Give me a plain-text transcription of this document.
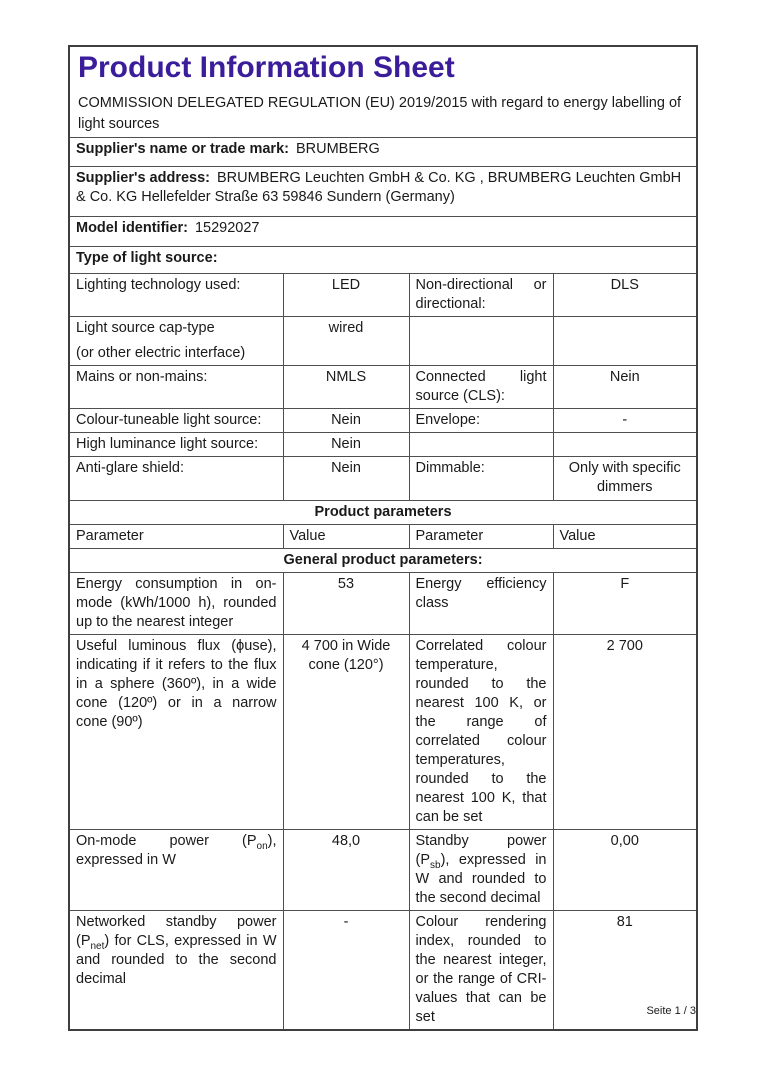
Product Information Sheet
COMMISSION DELEGATED REGULATION (EU) 2019/2015 with regard to energy labelling of light sources			

Supplier's name or trade mark: BRUMBERG			
Supplier's address: BRUMBERG Leuchten GmbH & Co. KG , BRUMBERG Leuchten GmbH & Co. KG Hellefelder Straße 63 59846 Sundern (Germany)			
Model identifier: 15292027			
Type of light source:			
Lighting technology used:	LED	Non-directional or directional:	DLS

Light source cap-type
(or other electric interface)	wired		
Mains or non-mains:	NMLS	Connected light source (CLS):	Nein
Colour-tuneable light source:	Nein	Envelope:	-
High luminance light source:	Nein		
Anti-glare shield:	Nein	Dimmable:	Only with specific dimmers
Product parameters			
Parameter	Value	Parameter	Value
General product parameters:			
Energy consumption in on-mode (kWh/1000 h), rounded up to the nearest integer	53	Energy efficiency class	F
Useful luminous flux (ϕuse), indicating if it refers to the flux in a sphere (360º), in a wide cone (120º) or in a narrow cone (90º)	4 700 in Wide cone (120°)	Correlated colour temperature, rounded to the nearest 100 K, or the range of correlated colour temperatures, rounded to the nearest 100 K, that can be set	2 700
On-mode power $(P_{on})$, expressed in W	48,0	Standby power $(P_{sb})$, expressed in W and rounded to the second decimal	0,00
Networked standby power $(P_{net})$ for CLS, expressed in W and rounded to the second decimal	-	Colour rendering index, rounded to the nearest integer, or the range of CRI-values that can be set	81
Seite 1 / 3
